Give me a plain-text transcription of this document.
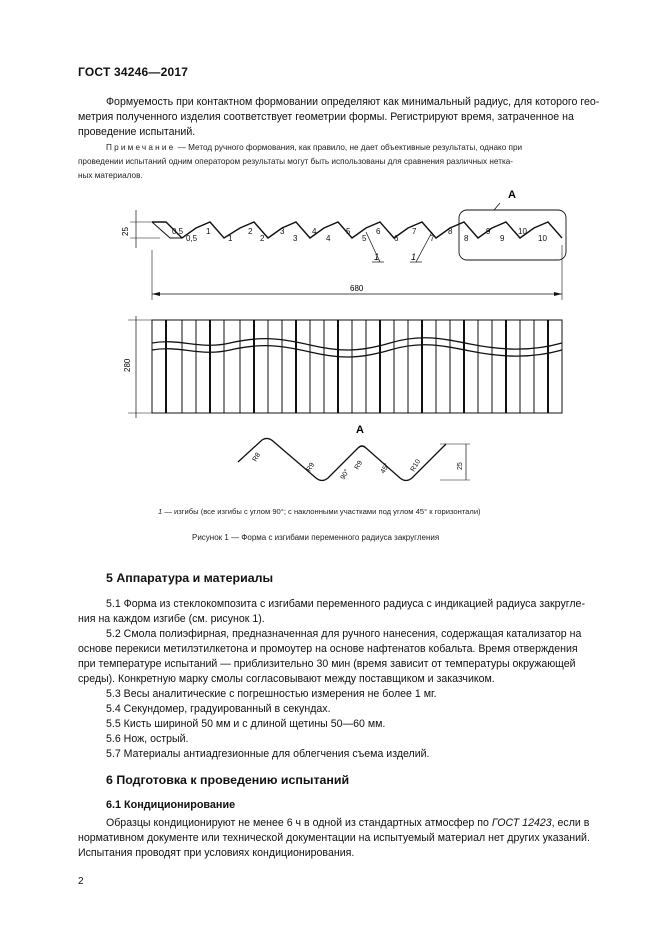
ГОСТ 34246—2017
Формуемость при контактном формовании определяют как минимальный радиус, для которого гео-
метрия полученного изделия соответствует геометрии формы. Регистрируют время, затраченное на
проведение испытаний.
Примечание — Метод ручного формования, как правило, не дает объективные результаты, однако при
проведении испытаний одним оператором результаты могут быть использованы для сравнения различных нетка-
ных материалов.
A
25	0,5
0,5
1
1
2
2
3
3
4
4
5
5
6
6
7
7
8
8
9
9
10
10
1	1
680
280
A
R8
R9
90°
R9 45°	R10	25
1 — изгибы (все изгибы с углом 90°; с наклонными участками под углом 45° к горизонтали)
Рисунок 1 — Форма с изгибами переменного радиуса закругления
5 Аппаратура и материалы
5.1 Форма из стеклокомпозита с изгибами переменного радиуса с индикацией радиуса закругле-
ния на каждом изгибе (см. рисунок 1).
5.2 Смола полиэфирная, предназначенная для ручного нанесения, содержащая катализатор на
основе перекиси метилэтилкетона и промоутер на основе нафтенатов кобальта. Время отверждения
при температуре испытаний — приблизительно 30 мин (время зависит от температуры окружающей
среды). Конкретную марку смолы согласовывают между поставщиком и заказчиком.
5.3 Весы аналитические с погрешностью измерения не более 1 мг.
5.4 Секундомер, градуированный в секундах.
5.5 Кисть шириной 50 мм и с длиной щетины 50—60 мм.
5.6 Нож, острый.
5.7 Материалы антиадгезионные для облегчения съема изделий.
6 Подготовка к проведению испытаний
6.1 Кондиционирование
Образцы кондиционируют не менее 6 ч в одной из стандартных атмосфер по ГОСТ 12423, если в
нормативном документе или технической документации на испытуемый материал нет других указаний.
Испытания проводят при условиях кондиционирования.
2
